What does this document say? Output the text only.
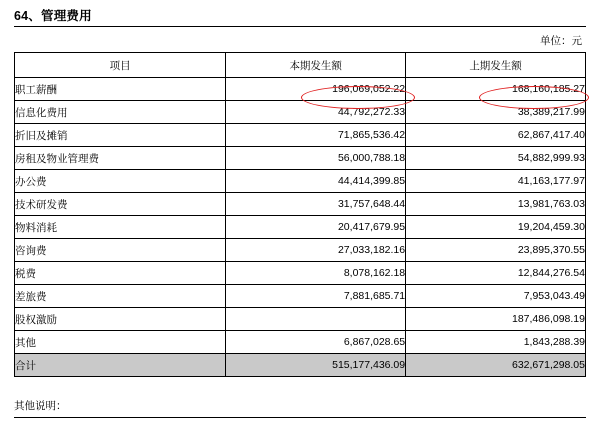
64、管理费用
单位：元
项目	本期发生额	上期发生额
职工薪酬	196,069,052.22	168,160,185.27
信息化费用	44,792,272.33	38,389,217.99
折旧及摊销	71,865,536.42	62,867,417.40
房租及物业管理费	56,000,788.18	54,882,999.93
办公费	44,414,399.85	41,163,177.97
技术研发费	31,757,648.44	13,981,763.03
物料消耗	20,417,679.95	19,204,459.30
咨询费	27,033,182.16	23,895,370.55
税费	8,078,162.18	12,844,276.54
差旅费	7,881,685.71	7,953,043.49
股权激励		187,486,098.19
其他	6,867,028.65	1,843,288.39
合计	515,177,436.09	632,671,298.05
其他说明：
